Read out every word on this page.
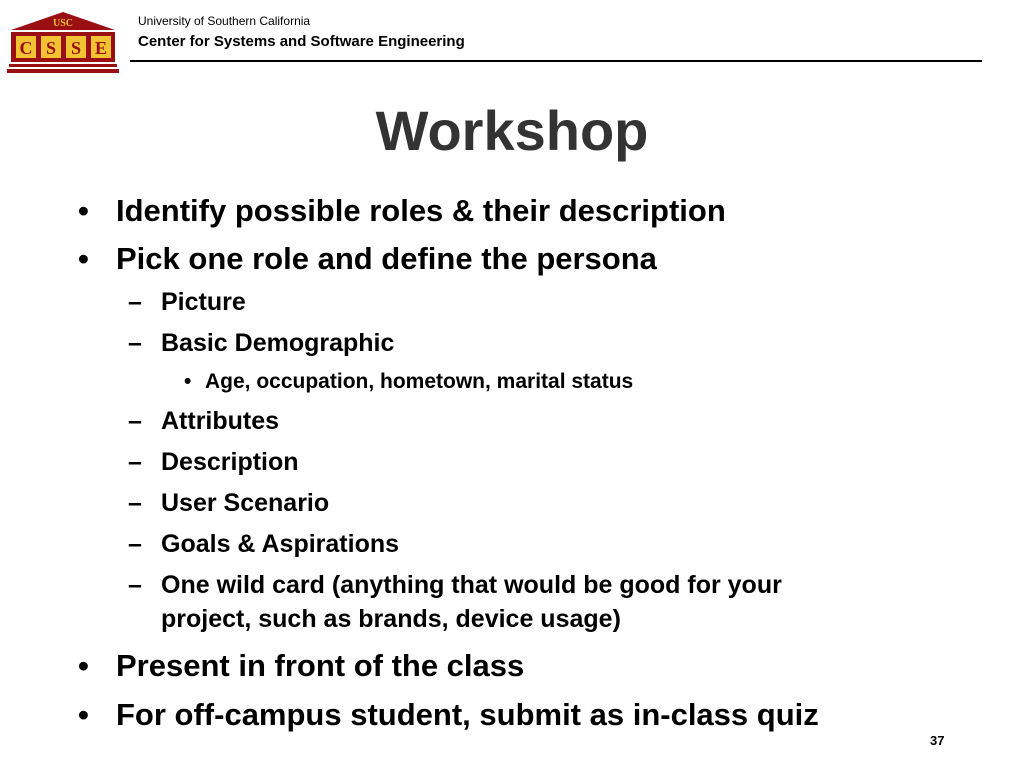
USC
C S S E
University of Southern California
Center for Systems and Software Engineering
Workshop
• Identify possible roles & their description
• Pick one role and define the persona
– Picture
– Basic Demographic
• Age, occupation, hometown, marital status
– Attributes
– Description
– User Scenario
– Goals & Aspirations
– One wild card (anything that would be good for your
project, such as brands, device usage)
• Present in front of the class
• For off-campus student, submit as in-class quiz
37
